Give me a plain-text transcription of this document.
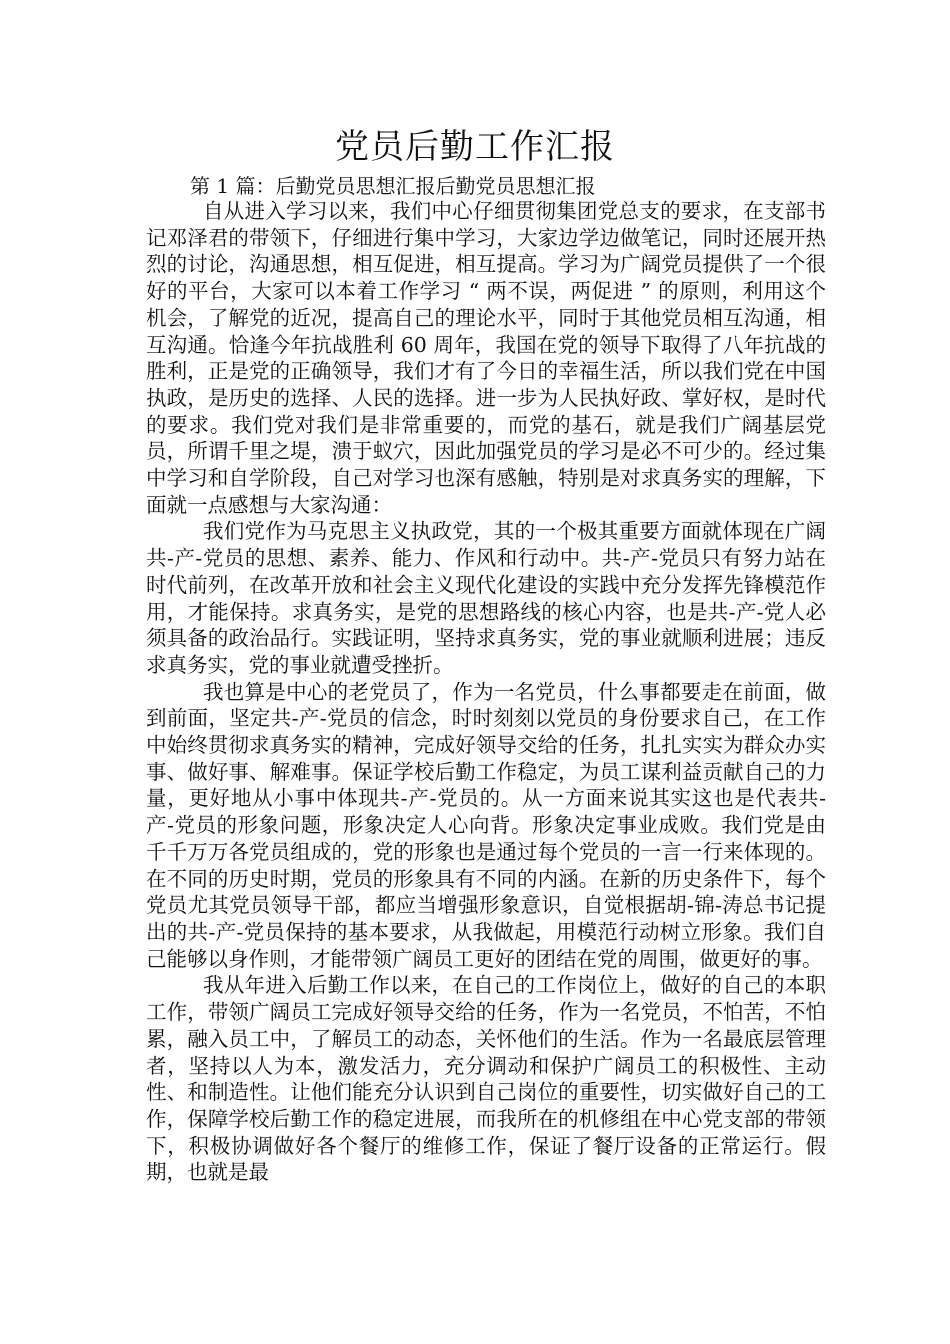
党员后勤工作汇报

第 1 篇：后勤党员思想汇报后勤党员思想汇报

自从进入学习以来，我们中心仔细贯彻集团党总支的要求，在支部书记邓泽君的带领下，仔细进行集中学习，大家边学边做笔记，同时还展开热烈的讨论，沟通思想，相互促进，相互提高。学习为广阔党员提供了一个很好的平台，大家可以本着工作学习 “ 两不误，两促进 ” 的原则，利用这个机会，了解党的近况，提高自己的理论水平，同时于其他党员相互沟通，相互沟通。恰逢今年抗战胜利 60 周年，我国在党的领导下取得了八年抗战的胜利，正是党的正确领导，我们才有了今日的幸福生活，所以我们党在中国执政，是历史的选择、人民的选择。进一步为人民执好政、掌好权，是时代的要求。我们党对我们是非常重要的，而党的基石，就是我们广阔基层党员，所谓千里之堤，溃于蚁穴，因此加强党员的学习是必不可少的。经过集中学习和自学阶段，自己对学习也深有感触，特别是对求真务实的理解，下面就一点感想与大家沟通：

我们党作为马克思主义执政党，其的一个极其重要方面就体现在广阔共-产-党员的思想、素养、能力、作风和行动中。共-产-党员只有努力站在时代前列，在改革开放和社会主义现代化建设的实践中充分发挥先锋模范作用，才能保持。求真务实，是党的思想路线的核心内容，也是共-产-党人必须具备的政治品行。实践证明，坚持求真务实，党的事业就顺利进展；违反求真务实，党的事业就遭受挫折。

我也算是中心的老党员了，作为一名党员，什么事都要走在前面，做到前面，坚定共-产-党员的信念，时时刻刻以党员的身份要求自己，在工作中始终贯彻求真务实的精神，完成好领导交给的任务，扎扎实实为群众办实事、做好事、解难事。保证学校后勤工作稳定，为员工谋利益贡献自己的力量，更好地从小事中体现共-产-党员的。从一方面来说其实这也是代表共-产-党员的形象问题，形象决定人心向背。形象决定事业成败。我们党是由千千万万各党员组成的，党的形象也是通过每个党员的一言一行来体现的。在不同的历史时期，党员的形象具有不同的内涵。在新的历史条件下，每个党员尤其党员领导干部，都应当增强形象意识，自觉根据胡-锦-涛总书记提出的共-产-党员保持的基本要求，从我做起，用模范行动树立形象。我们自己能够以身作则，才能带领广阔员工更好的团结在党的周围，做更好的事。

我从年进入后勤工作以来，在自己的工作岗位上，做好的自己的本职工作，带领广阔员工完成好领导交给的任务，作为一名党员，不怕苦，不怕累，融入员工中，了解员工的动态，关怀他们的生活。作为一名最底层管理者，坚持以人为本，激发活力，充分调动和保护广阔员工的积极性、主动性、和制造性。让他们能充分认识到自己岗位的重要性，切实做好自己的工作，保障学校后勤工作的稳定进展，而我所在的机修组在中心党支部的带领下，积极协调做好各个餐厅的维修工作，保证了餐厅设备的正常运行。假期，也就是最
